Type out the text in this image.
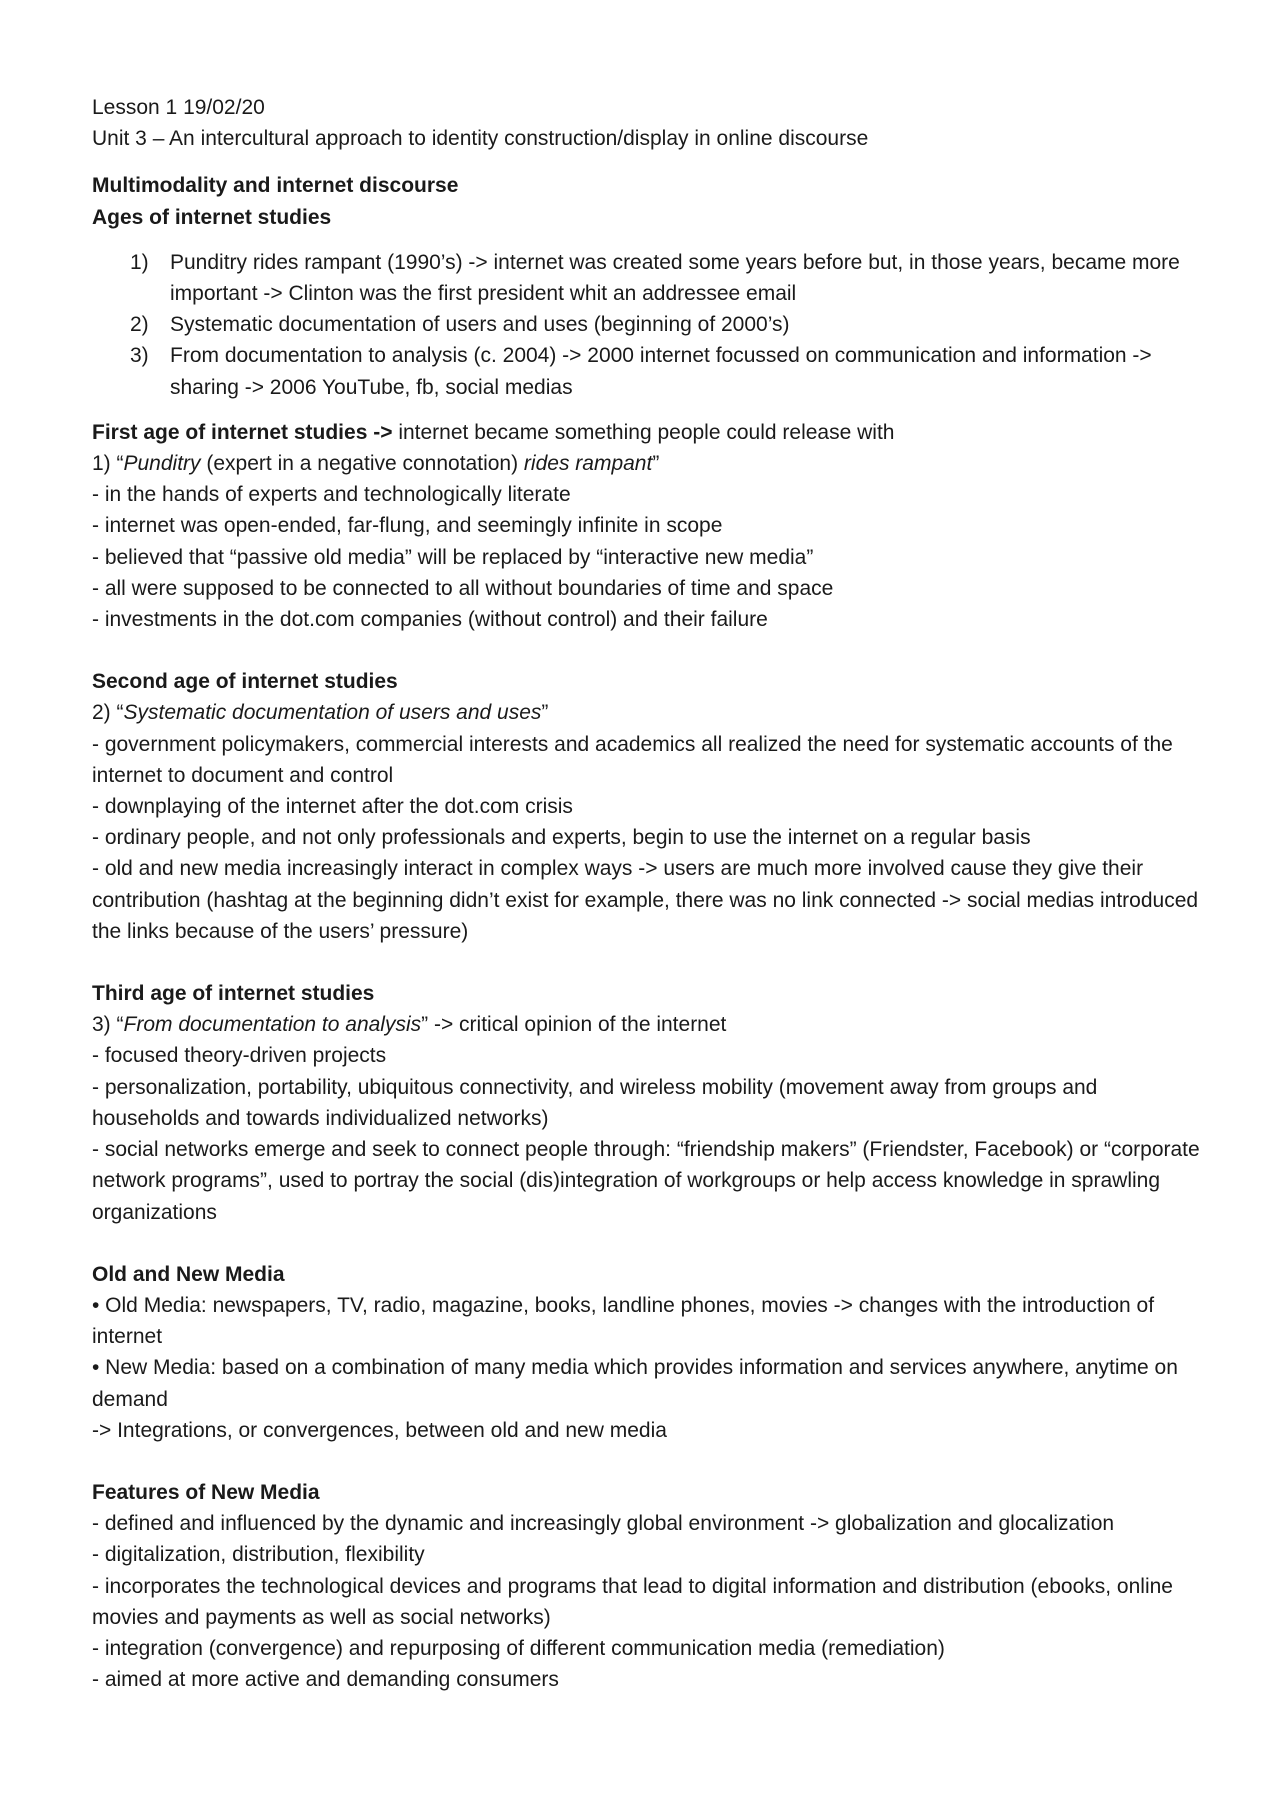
Lesson 1 19/02/20

Unit 3 – An intercultural approach to identity construction/display in online discourse

Multimodality and internet discourse

Ages of internet studies

1) Punditry rides rampant (1990’s) -> internet was created some years before but, in those years, became more important -> Clinton was the first president whit an addressee email
2) Systematic documentation of users and uses (beginning of 2000’s)
3) From documentation to analysis (c. 2004) -> 2000 internet focussed on communication and information -> sharing -> 2006 YouTube, fb, social medias

First age of internet studies -> internet became something people could release with

1) “Punditry (expert in a negative connotation) rides rampant”

- in the hands of experts and technologically literate

- internet was open-ended, far-flung, and seemingly infinite in scope

- believed that “passive old media” will be replaced by “interactive new media”

- all were supposed to be connected to all without boundaries of time and space

- investments in the dot.com companies (without control) and their failure

Second age of internet studies

2) “Systematic documentation of users and uses”

- government policymakers, commercial interests and academics all realized the need for systematic accounts of the internet to document and control

- downplaying of the internet after the dot.com crisis

- ordinary people, and not only professionals and experts, begin to use the internet on a regular basis

- old and new media increasingly interact in complex ways -> users are much more involved cause they give their contribution (hashtag at the beginning didn’t exist for example, there was no link connected -> social medias introduced the links because of the users’ pressure)

Third age of internet studies

3) “From documentation to analysis” -> critical opinion of the internet

- focused theory-driven projects

- personalization, portability, ubiquitous connectivity, and wireless mobility (movement away from groups and households and towards individualized networks)

- social networks emerge and seek to connect people through: “friendship makers” (Friendster, Facebook) or “corporate network programs”, used to portray the social (dis)integration of workgroups or help access knowledge in sprawling organizations

Old and New Media

• Old Media: newspapers, TV, radio, magazine, books, landline phones, movies -> changes with the introduction of internet

• New Media: based on a combination of many media which provides information and services anywhere, anytime on demand

-> Integrations, or convergences, between old and new media

Features of New Media

- defined and influenced by the dynamic and increasingly global environment -> globalization and glocalization

- digitalization, distribution, flexibility

- incorporates the technological devices and programs that lead to digital information and distribution (ebooks, online movies and payments as well as social networks)

- integration (convergence) and repurposing of different communication media (remediation)

- aimed at more active and demanding consumers
